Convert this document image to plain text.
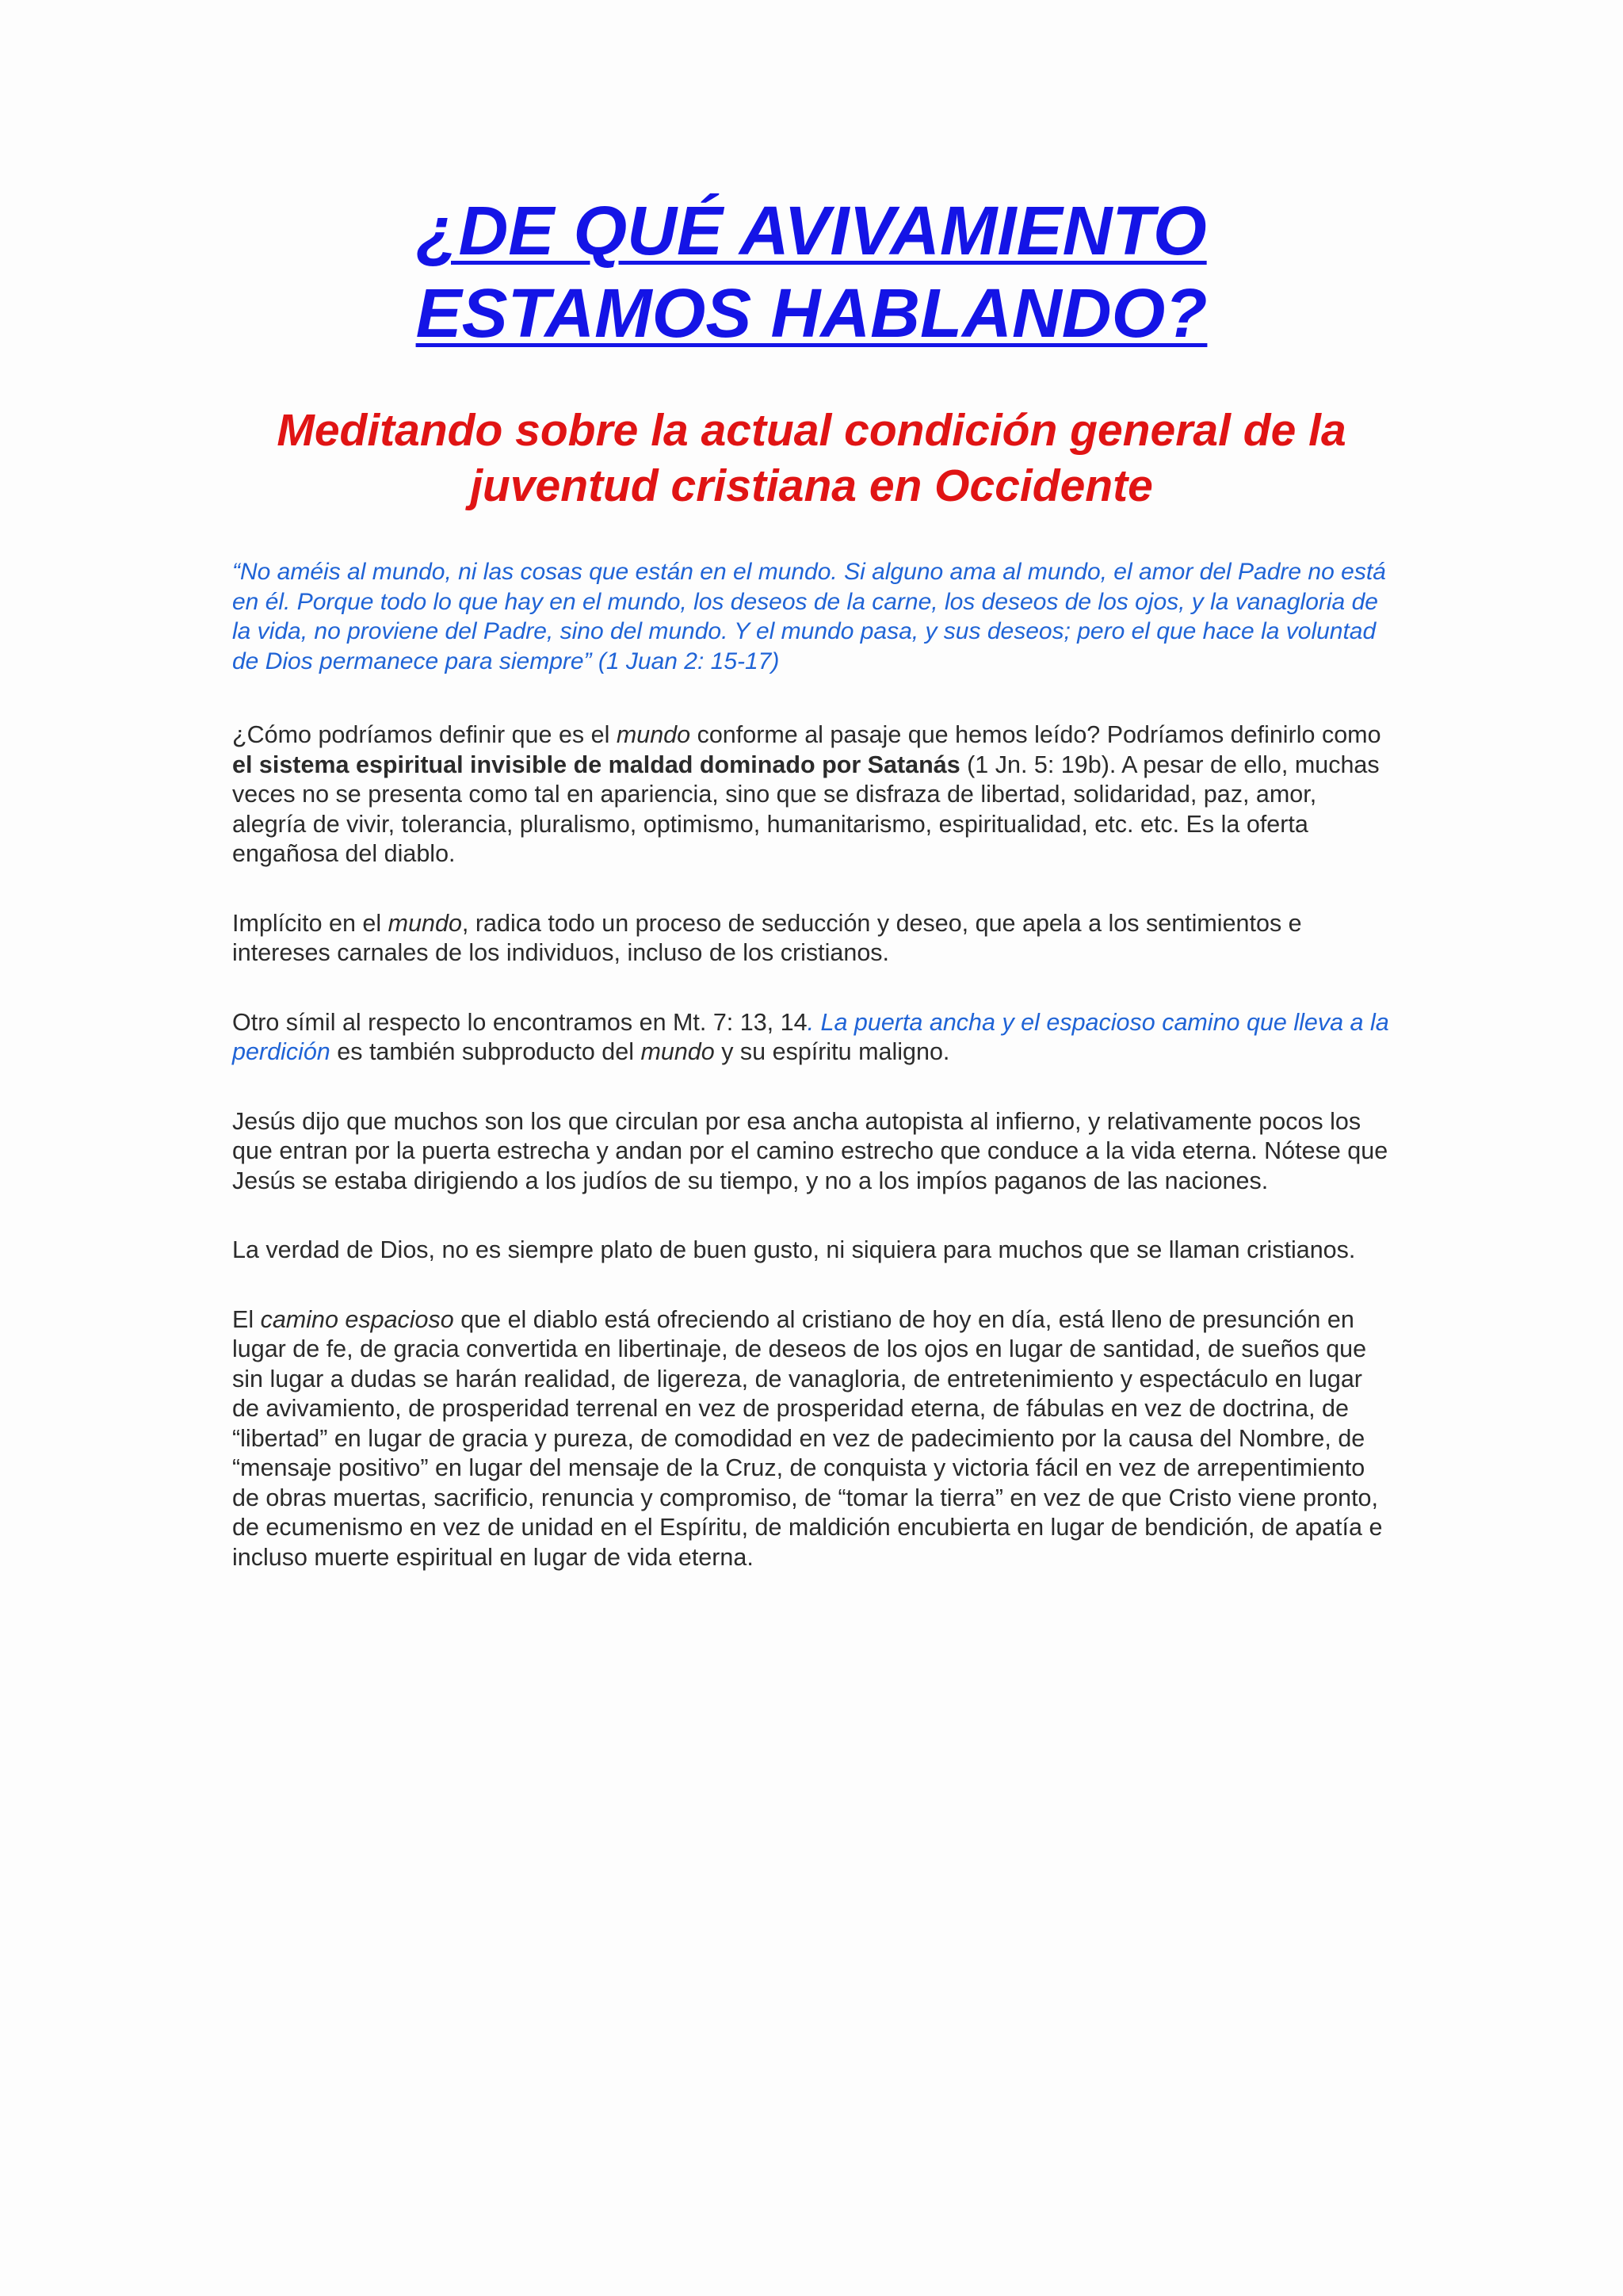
¿DE QUÉ AVIVAMIENTO
ESTAMOS HABLANDO?
Meditando sobre la actual condición general de la
juventud cristiana en Occidente

“No améis al mundo, ni las cosas que están en el mundo. Si alguno ama al mundo, el amor del Padre no está en él. Porque todo lo que hay en el mundo, los deseos de la carne, los deseos de los ojos, y la vanagloria de la vida, no proviene del Padre, sino del mundo. Y el mundo pasa, y sus deseos; pero el que hace la voluntad de Dios permanece para siempre” (1 Juan 2: 15-17)

¿Cómo podríamos definir que es el mundo conforme al pasaje que hemos leído? Podríamos definirlo como el sistema espiritual invisible de maldad dominado por Satanás (1 Jn. 5: 19b). A pesar de ello, muchas veces no se presenta como tal en apariencia, sino que se disfraza de libertad, solidaridad, paz, amor, alegría de vivir, tolerancia, pluralismo, optimismo, humanitarismo, espiritualidad, etc. etc. Es la oferta engañosa del diablo.

Implícito en el mundo, radica todo un proceso de seducción y deseo, que apela a los sentimientos e intereses carnales de los individuos, incluso de los cristianos.

Otro símil al respecto lo encontramos en Mt. 7: 13, 14. La puerta ancha y el espacioso camino que lleva a la perdición es también subproducto del mundo y su espíritu maligno.

Jesús dijo que muchos son los que circulan por esa ancha autopista al infierno, y relativamente pocos los que entran por la puerta estrecha y andan por el camino estrecho que conduce a la vida eterna. Nótese que Jesús se estaba dirigiendo a los judíos de su tiempo, y no a los impíos paganos de las naciones.

La verdad de Dios, no es siempre plato de buen gusto, ni siquiera para muchos que se llaman cristianos.

El camino espacioso que el diablo está ofreciendo al cristiano de hoy en día, está lleno de presunción en lugar de fe, de gracia convertida en libertinaje, de deseos de los ojos en lugar de santidad, de sueños que sin lugar a dudas se harán realidad, de ligereza, de vanagloria, de entretenimiento y espectáculo en lugar de avivamiento, de prosperidad terrenal en vez de prosperidad eterna, de fábulas en vez de doctrina, de “libertad” en lugar de gracia y pureza, de comodidad en vez de padecimiento por la causa del Nombre, de “mensaje positivo” en lugar del mensaje de la Cruz, de conquista y victoria fácil en vez de arrepentimiento de obras muertas, sacrificio, renuncia y compromiso, de “tomar la tierra” en vez de que Cristo viene pronto, de ecumenismo en vez de unidad en el Espíritu, de maldición encubierta en lugar de bendición, de apatía e incluso muerte espiritual en lugar de vida eterna.
